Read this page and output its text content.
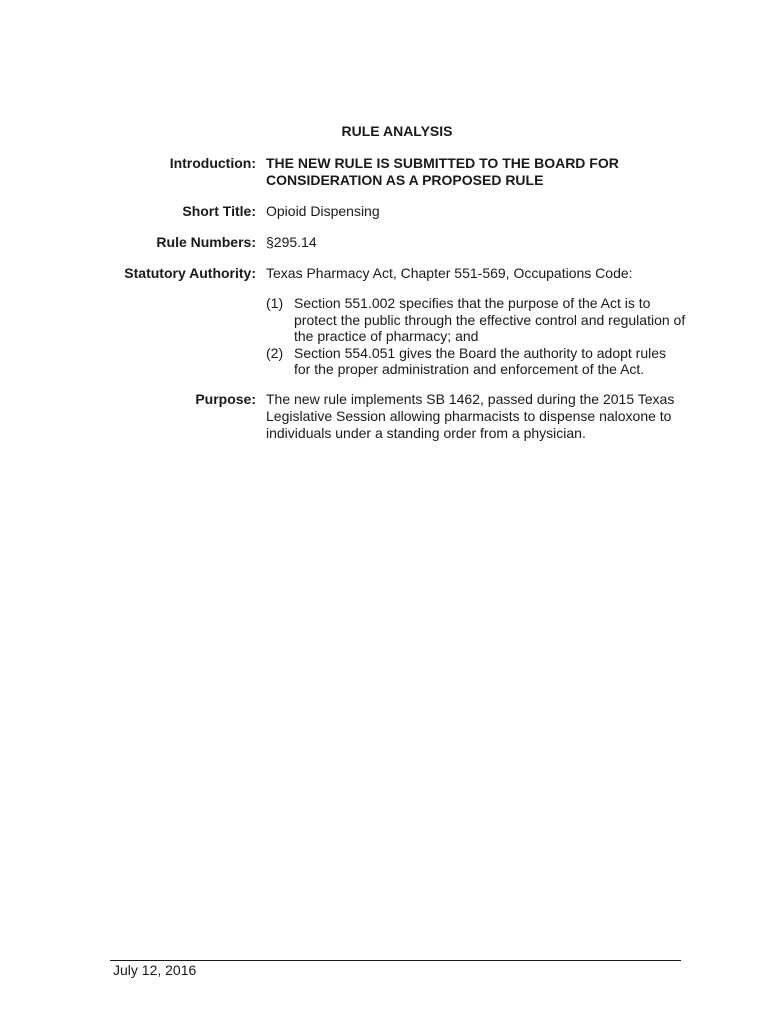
RULE ANALYSIS
Introduction: THE NEW RULE IS SUBMITTED TO THE BOARD FOR
CONSIDERATION AS A PROPOSED RULE
Short Title: Opioid Dispensing
Rule Numbers: §295.14
Statutory Authority: Texas Pharmacy Act, Chapter 551-569, Occupations Code:
(1) Section 551.002 specifies that the purpose of the Act is to protect the public through the effective control and regulation of the practice of pharmacy; and
(2) Section 554.051 gives the Board the authority to adopt rules for the proper administration and enforcement of the Act.
Purpose: The new rule implements SB 1462, passed during the 2015 Texas Legislative Session allowing pharmacists to dispense naloxone to individuals under a standing order from a physician.
July 12, 2016
